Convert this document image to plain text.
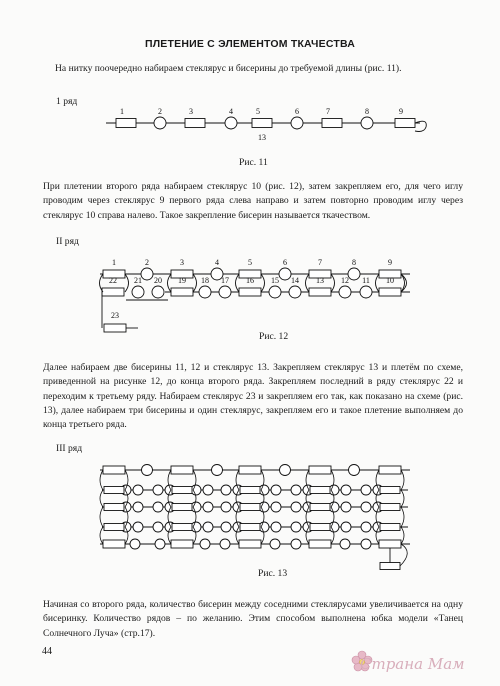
ПЛЕТЕНИЕ С ЭЛЕМЕНТОМ ТКАЧЕСТВА
На нитку поочередно набираем стеклярус и бисерины до требуемой длины (рис. 11).
1 ряд
1	2	3	4	5	6	7	8	9
13
Рис. 11
При плетении второго ряда набираем стеклярус 10 (рис. 12), затем закрепляем его, для чего иглу проводим через стеклярус 9 первого ряда слева направо и затем повторно проводим иглу через стеклярус 10 справа налево. Такое закрепление бисерин называется ткачеством.
II ряд
1	2	3	4	5	6	7	8	9
22 21 20 19 18 17 16 15 14 13 12 11 10
23
Рис. 12
Далее набираем две бисерины 11, 12 и стеклярус 13. Закрепляем стеклярус 13 и плетём по схеме, приведенной на рисунке 12, до конца второго ряда. Закрепляем последний в ряду стеклярус 22 и переходим к третьему ряду. Набираем стеклярус 23 и закрепляем его так, как показано на схеме (рис. 13), далее набираем три бисерины и один стеклярус, закрепляем его и такое плетение выполняем до конца третьего ряда.
III ряд
Рис. 13
Начиная со второго ряда, количество бисерин между соседними стеклярусами увеличивается на одну бисеринку. Количество рядов – по желанию. Этим способом выполнена юбка модели «Танец Солнечного Луча» (стр.17).
44
Страна Мам
